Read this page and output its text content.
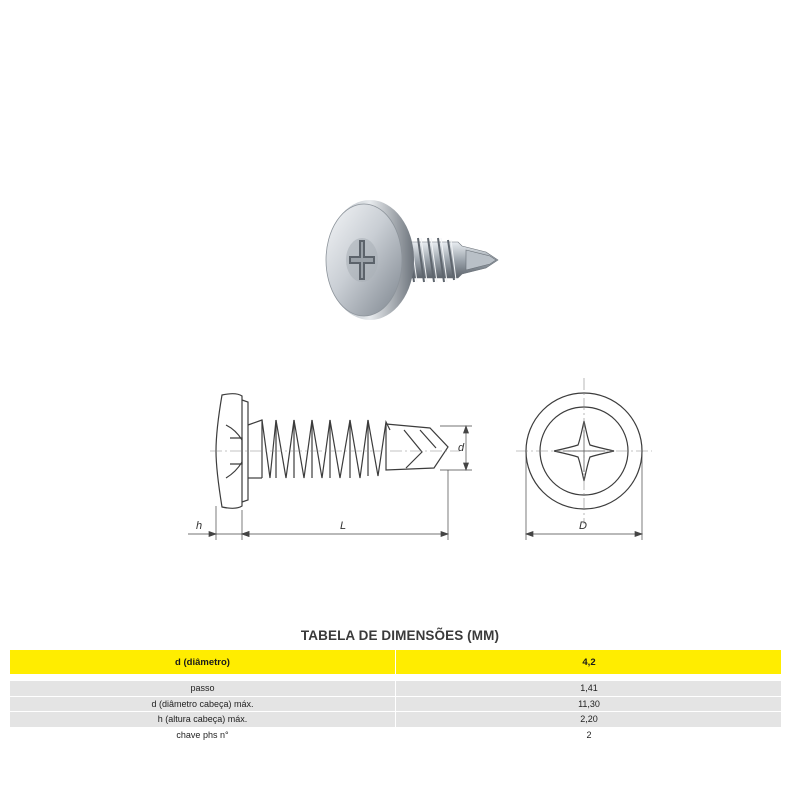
h	L
d
D
TABELA DE DIMENSÕES (MM)
d (diâmetro)	4,2
passo	1,41
d (diâmetro cabeça) máx.	11,30
h (altura cabeça) máx.	2,20
chave phs n°	2
